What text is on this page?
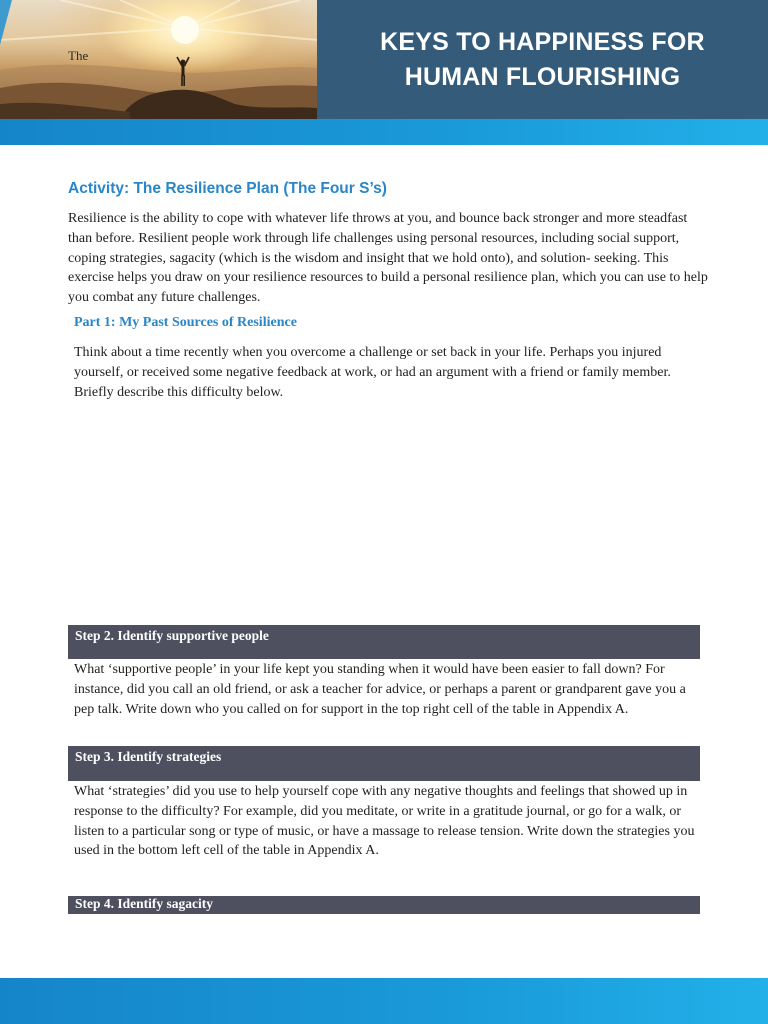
The	KEYS TO HAPPINESS FOR
HUMAN FLOURISHING
Activity: The Resilience Plan (The Four S’s)

Resilience is the ability to cope with whatever life throws at you, and bounce back stronger and more steadfast than before. Resilient people work through life challenges using personal resources, including social support, coping strategies, sagacity (which is the wisdom and insight that we hold onto), and solution- seeking. This exercise helps you draw on your resilience resources to build a personal resilience plan, which you can use to help you combat any future challenges.

Part 1: My Past Sources of Resilience

Think about a time recently when you overcome a challenge or set back in your life. Perhaps you injured yourself, or received some negative feedback at work, or had an argument with a friend or family member. Briefly describe this difficulty below.

Step 2. Identify supportive people

What ‘supportive people’ in your life kept you standing when it would have been easier to fall down? For instance, did you call an old friend, or ask a teacher for advice, or perhaps a parent or grandparent gave you a pep talk. Write down who you called on for support in the top right cell of the table in Appendix A.

Step 3. Identify strategies

What ‘strategies’ did you use to help yourself cope with any negative thoughts and feelings that showed up in response to the difficulty? For example, did you meditate, or write in a gratitude journal, or go for a walk, or listen to a particular song or type of music, or have a massage to release tension. Write down the strategies you used in the bottom left cell of the table in Appendix A.

Step 4. Identify sagacity
